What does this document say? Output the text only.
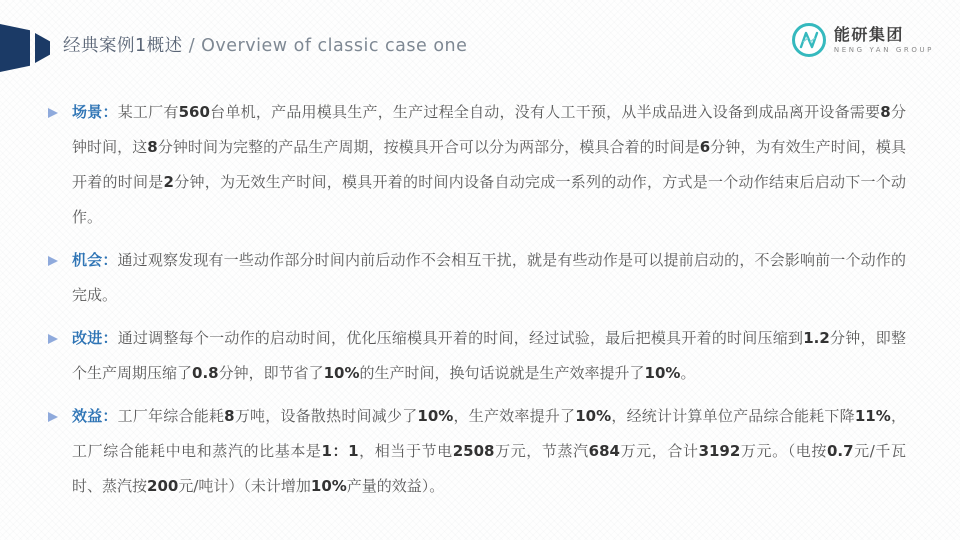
经典案例1概述 / Overview of classic case one
能研集团
NENG YAN GROUP

场景：某工厂有560台单机，产品用模具生产，生产过程全自动，没有人工干预，从半成品进入设备到成品离开设备需要8分钟时间，这8分钟时间为完整的产品生产周期，按模具开合可以分为两部分，模具合着的时间是6分钟，为有效生产时间，模具开着的时间是2分钟，为无效生产时间，模具开着的时间内设备自动完成一系列的动作，方式是一个动作结束后启动下一个动作。

机会：通过观察发现有一些动作部分时间内前后动作不会相互干扰，就是有些动作是可以提前启动的，不会影响前一个动作的完成。

改进：通过调整每个一动作的启动时间，优化压缩模具开着的时间，经过试验，最后把模具开着的时间压缩到1.2分钟，即整个生产周期压缩了0.8分钟，即节省了10%的生产时间，换句话说就是生产效率提升了10%。

效益：工厂年综合能耗8万吨，设备散热时间减少了10%，生产效率提升了10%，经统计计算单位产品综合能耗下降11%，工厂综合能耗中电和蒸汽的比基本是1：1，相当于节电2508万元，节蒸汽684万元，合计3192万元。（电按0.7元/千瓦时、蒸汽按200元/吨计）（未计增加10%产量的效益）。
